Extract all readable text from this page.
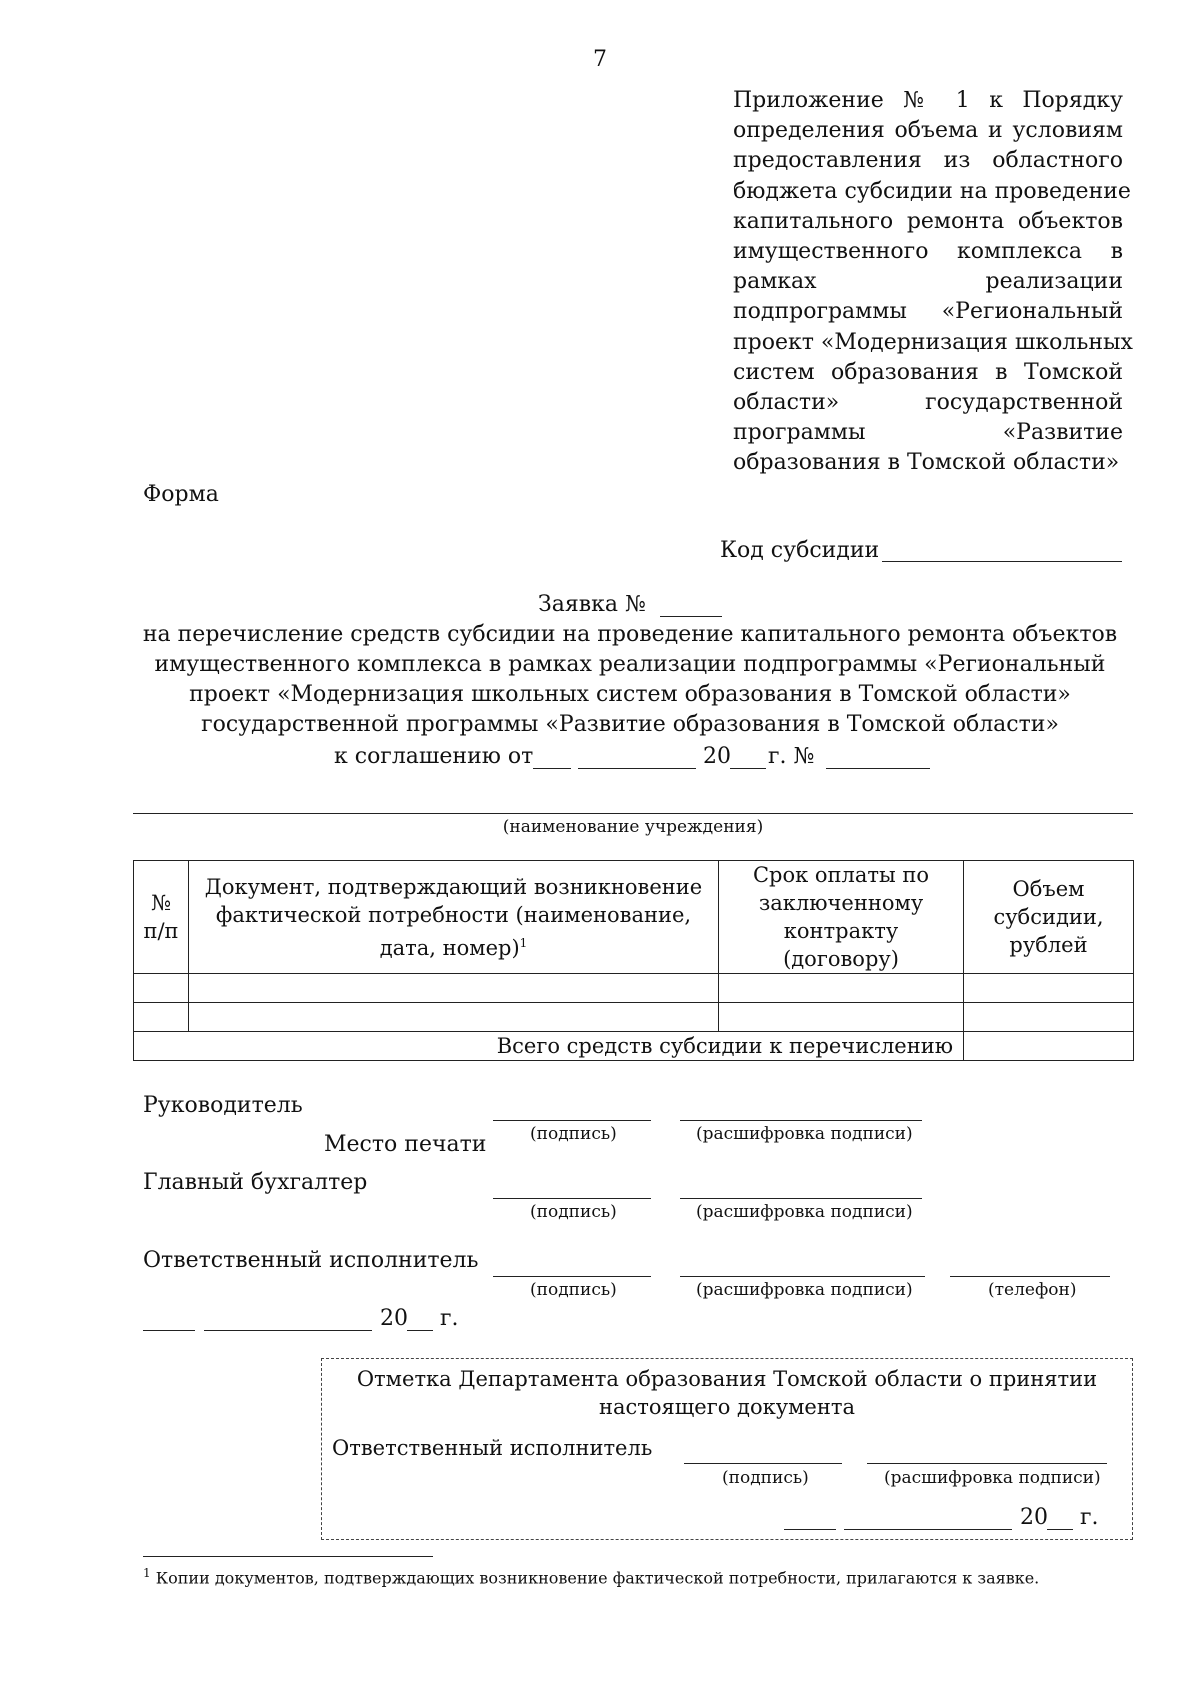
7
Приложение № 1 к Порядку
определения объема и условиям
предоставления из областного
бюджета субсидии на проведение
капитального ремонта объектов
имущественного комплекса в
рамках реализации
подпрограммы «Региональный
проект «Модернизация школьных
систем образования в Томской
области» государственной
программы «Развитие
образования в Томской области»
Форма
Код субсидии
Заявка №
на перечисление средств субсидии на проведение капитального ремонта объектов
имущественного комплекса в рамках реализации подпрограммы «Региональный
проект «Модернизация школьных систем образования в Томской области»
государственной программы «Развитие образования в Томской области»
к соглашению от	20 г. №
(наименование учреждения)
№
п/п	Документ, подтверждающий возникновение фактической потребности (наименование, дата, номер)$^1$	Срок оплаты по заключенному контракту (договору)	Объем субсидии, рублей

Всего средств субсидии к перечислению			
Руководитель
(подпись)	(расшифровка подписи)
Место печати
Главный бухгалтер
(подпись)	(расшифровка подписи)
Ответственный исполнитель
(подпись)	(расшифровка подписи)	(телефон)
20 г.
Отметка Департамента образования Томской области о принятии
настоящего документа
Ответственный исполнитель
(подпись)	(расшифровка подписи)
20 г.
$^1$ Копии документов, подтверждающих возникновение фактической потребности, прилагаются к заявке.
